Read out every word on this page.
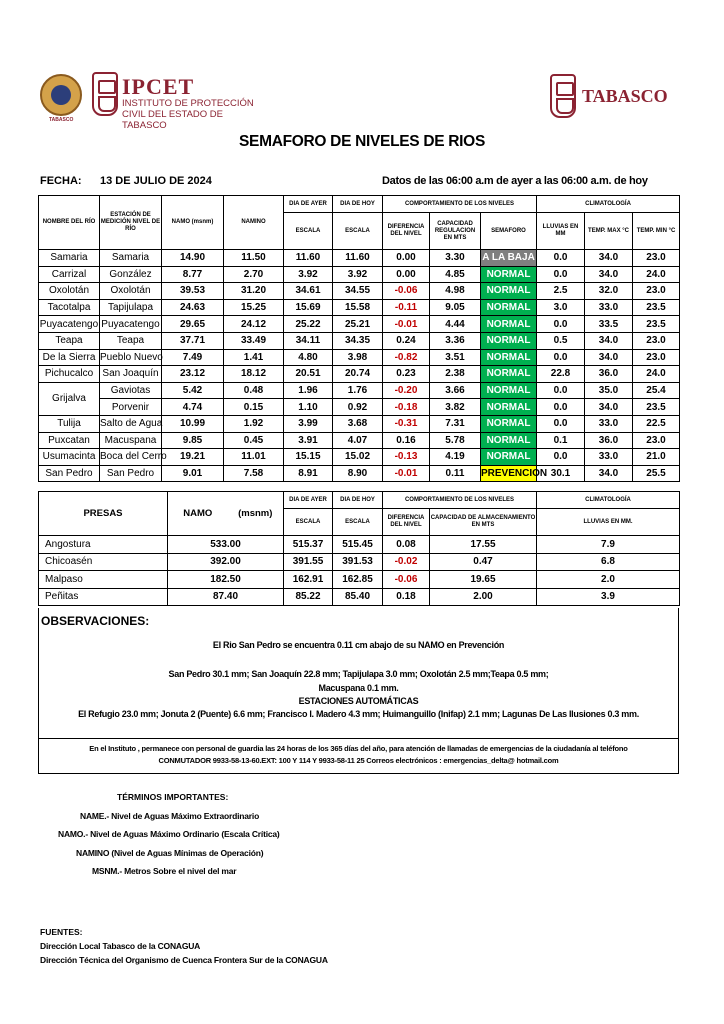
TABASCO
IPCET
INSTITUTO DE PROTECCIÓN CIVIL DEL ESTADO DE TABASCO
TABASCO
SEMAFORO DE NIVELES DE RIOS
FECHA: 13 DE JULIO DE 2024	Datos de las 06:00 a.m de ayer a las 06:00 a.m. de hoy
NOMBRE DEL RÍO	ESTACIÓN DE MEDICIÓN NIVEL DE RÍO	NAMO (msnm)	NAMINO	DIA DE AYER	DIA DE HOY	COMPORTAMIENTO DE LOS NIVELES			CLIMATOLOGÍA		
				ESCALA	ESCALA	DIFERENCIA DEL NIVEL	CAPACIDAD REGULACION EN MTS	SEMAFORO	LLUVIAS EN MM	TEMP. MAX °C	TEMP. MIN °C
Samaria	Samaria	14.90	11.50	11.60	11.60	0.00	3.30	A LA BAJA	0.0	34.0	23.0
Carrizal	González	8.77	2.70	3.92	3.92	0.00	4.85	NORMAL	0.0	34.0	24.0
Oxolotán	Oxolotán	39.53	31.20	34.61	34.55	-0.06	4.98	NORMAL	2.5	32.0	23.0
Tacotalpa	Tapijulapa	24.63	15.25	15.69	15.58	-0.11	9.05	NORMAL	3.0	33.0	23.5
Puyacatengo	Puyacatengo	29.65	24.12	25.22	25.21	-0.01	4.44	NORMAL	0.0	33.5	23.5
Teapa	Teapa	37.71	33.49	34.11	34.35	0.24	3.36	NORMAL	0.5	34.0	23.0
De la Sierra	Pueblo Nuevo	7.49	1.41	4.80	3.98	-0.82	3.51	NORMAL	0.0	34.0	23.0
Pichucalco	San Joaquín	23.12	18.12	20.51	20.74	0.23	2.38	NORMAL	22.8	36.0	24.0
Grijalva	Gaviotas	5.42	0.48	1.96	1.76	-0.20	3.66	NORMAL	0.0	35.0	25.4
	Porvenir	4.74	0.15	1.10	0.92	-0.18	3.82	NORMAL	0.0	34.0	23.5
Tulija	Salto de Agua	10.99	1.92	3.99	3.68	-0.31	7.31	NORMAL	0.0	33.0	22.5
Puxcatan	Macuspana	9.85	0.45	3.91	4.07	0.16	5.78	NORMAL	0.1	36.0	23.0
Usumacinta	Boca del Cerro	19.21	11.01	15.15	15.02	-0.13	4.19	NORMAL	0.0	33.0	21.0
San Pedro	San Pedro	9.01	7.58	8.91	8.90	-0.01	0.11	PREVENCION	30.1	34.0	25.5
PRESAS	NAMO	(msnm)	DIA DE AYER	DIA DE HOY	COMPORTAMIENTO DE LOS NIVELES		CLIMATOLOGÍA
			ESCALA	ESCALA	DIFERENCIA DEL NIVEL	CAPACIDAD DE ALMACENAMIENTO EN MTS	LLUVIAS EN MM.
Angostura	533.00		515.37	515.45	0.08	17.55	7.9
Chicoasén	392.00		391.55	391.53	-0.02	0.47	6.8
Malpaso	182.50		162.91	162.85	-0.06	19.65	2.0
Peñitas	87.40		85.22	85.40	0.18	2.00	3.9
OBSERVACIONES:
El Rio San Pedro se encuentra 0.11 cm abajo de su NAMO en Prevención
San Pedro 30.1 mm; San Joaquín 22.8 mm; Tapijulapa 3.0 mm; Oxolotán 2.5 mm;Teapa 0.5 mm;
Macuspana 0.1 mm.
ESTACIONES AUTOMÁTICAS
El Refugio 23.0 mm; Jonuta 2 (Puente) 6.6 mm; Francisco I. Madero 4.3 mm; Huimanguillo (Inifap) 2.1 mm; Lagunas De Las Ilusiones 0.3 mm.
En el Instituto , permanece con personal de guardia las 24 horas de los 365 días del año, para atención de llamadas de emergencias de la ciudadanía al teléfono
CONMUTADOR 9933-58-13-60.EXT: 100 Y 114 Y 9933-58-11 25 Correos electrónicos : emergencias_delta@ hotmail.com
TÉRMINOS IMPORTANTES:
NAME.- Nivel de Aguas Máximo Extraordinario
NAMO.- Nivel de Aguas Máximo Ordinario (Escala Crítica)
NAMINO (Nivel de Aguas Mínimas de Operación)
MSNM.- Metros Sobre el nivel del mar
FUENTES:
Dirección Local Tabasco de la CONAGUA
Dirección Técnica del Organismo de Cuenca Frontera Sur de la CONAGUA
